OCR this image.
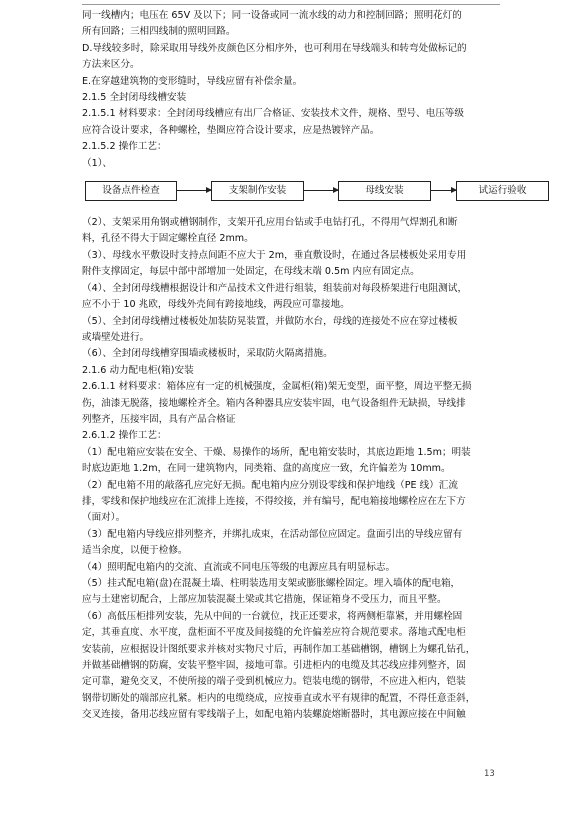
同一线槽内；电压在 65V 及以下；同一设备或同一流水线的动力和控制回路；照明花灯的

所有回路；三相四线制的照明回路。

D.导线较多时，除采取用导线外皮颜色区分相序外，也可利用在导线端头和转弯处做标记的

方法来区分。

E.在穿越建筑物的变形缝时，导线应留有补偿余量。

2.1.5 全封闭母线槽安装

2.1.5.1 材料要求：全封闭母线槽应有出厂合格证、安装技术文件，规格、型号、电压等级

应符合设计要求，各种螺栓，垫圈应符合设计要求，应是热镀锌产品。

2.1.5.2 操作工艺：

（1）、

设备点件检查	支架制作安装	母线安装	试运行验收

（2）、支架采用角钢或槽钢制作，支架开孔应用台钻或手电钻打孔，不得用气焊割孔和断

料，孔径不得大于固定螺栓直径 2mm。

（3）、母线水平敷设时支持点间距不应大于 2m，垂直敷设时，在通过各层楼板处采用专用

附件支撑固定，每层中部中部增加一处固定，在母线末端 0.5m 内应有固定点。

（4）、全封闭母线槽根据设计和产品技术文件进行组装，组装前对每段桥架进行电阻测试，

应不小于 10 兆欧，母线外壳间有跨接地线，两段应可靠接地。

（5）、全封闭母线槽过楼板处加装防晃装置，并做防水台，母线的连接处不应在穿过楼板

或墙壁处进行。

（6）、全封闭母线槽穿围墙或楼板时，采取防火隔离措施。

2.1.6 动力配电柜(箱)安装

2.6.1.1 材料要求：箱体应有一定的机械强度，金属柜(箱)架无变型，面平整，周边平整无损

伤，油漆无脱落，接地螺栓齐全。箱内各种器具应安装牢固，电气设备组件无缺损，导线排

列整齐，压接牢固，具有产品合格证

2.6.1.2 操作工艺：

（1）配电箱应安装在安全、干燥、易操作的场所，配电箱安装时，其底边距地 1.5m；明装

时底边距地 1.2m，在同一建筑物内，同类箱、盘的高度应一致，允许偏差为 10mm。

（2）配电箱不用的敲落孔应完好无损。配电箱内应分别设零线和保护地线（PE 线）汇流

排，零线和保护地线应在汇流排上连接，不得绞接，并有编号，配电箱接地螺栓应在左下方

（面对）。

（3）配电箱内导线应排列整齐，并绑扎成束，在活动部位应固定。盘面引出的导线应留有

适当余度，以便于检修。

（4）照明配电箱内的交流、直流或不同电压等级的电源应具有明显标志。

（5）挂式配电箱(盘)在混凝土墙、柱明装选用支架或膨胀螺栓固定。埋入墙体的配电箱，

应与土建密切配合，上部应加装混凝土梁或其它措施，保证箱身不受压力，而且平整。

（6）高低压柜排列安装，先从中间的一台就位，找正还要求，将两侧柜靠紧，并用螺栓固

定，其垂直度、水平度，盘柜面不平度及间接缝的允许偏差应符合规范要求。落地式配电柜

安装前，应根据设计图纸要求并核对实物尺寸后，再制作加工基础槽钢，槽钢上为螺孔钻孔，

并做基础槽钢的防腐，安装平整牢固，接地可靠。引进柜内的电缆及其芯线应排列整齐，固

定可靠，避免交叉，不使所接的端子受到机械应力。铠装电缆的钢带，不应进入柜内，铠装

钢带切断处的端部应扎紧。柜内的电缆绕成，应按垂直或水平有规律的配置，不得任意歪斜，

交叉连接，备用芯线应留有零线端子上，如配电箱内装螺旋熔断器时，其电源应接在中间触

13
